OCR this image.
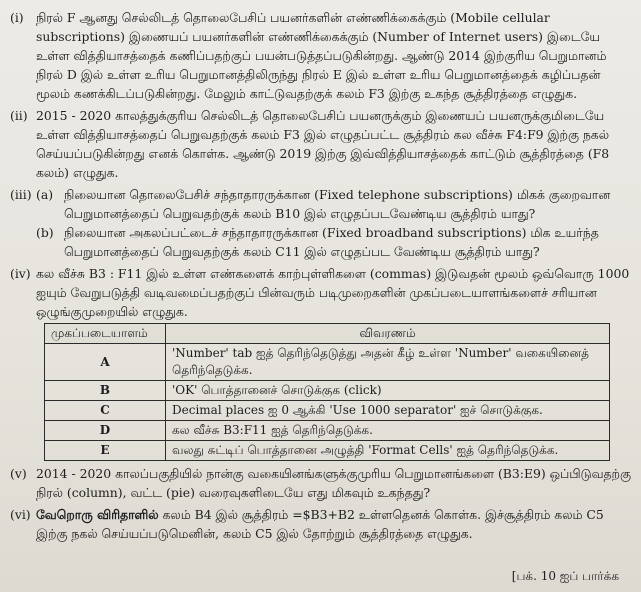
(i) நிரல் F ஆனது செல்லிடத் தொலைபேசிப் பயனர்களின் எண்ணிக்கைக்கும் (Mobile cellular subscriptions) இணையப் பயனர்களின் எண்ணிக்கைக்கும் (Number of Internet users) இடையே உள்ள வித்தியாசத்தைக் கணிப்பதற்குப் பயன்படுத்தப்படுகின்றது. ஆண்டு 2014 இற்குரிய பெறுமானம் நிரல் D இல் உள்ள உரிய பெறுமானத்திலிருந்து நிரல் E இல் உள்ள உரிய பெறுமானத்தைக் கழிப்பதன் மூலம் கணக்கிடப்படுகின்றது. மேலும் காட்டுவதற்குக் கலம் F3 இற்கு உகந்த சூத்திரத்தை எழுதுக.
(ii) 2015 - 2020 காலத்துக்குரிய செல்லிடத் தொலைபேசிப் பயனருக்கும் இணையப் பயனருக்குமிடையே உள்ள வித்தியாசத்தைப் பெறுவதற்குக் கலம் F3 இல் எழுதப்பட்ட சூத்திரம் கல வீச்சு F4:F9 இற்கு நகல் செய்யப்படுகின்றது எனக் கொள்க. ஆண்டு 2019 இற்கு இவ்வித்தியாசத்தைக் காட்டும் சூத்திரத்தை (F8 கலம்) எழுதுக.
(iii) (a) நிலையான தொலைபேசிச் சந்தாதாரருக்கான (Fixed telephone subscriptions) மிகக் குறைவான பெறுமானத்தைப் பெறுவதற்குக் கலம் B10 இல் எழுதப்படவேண்டிய சூத்திரம் யாது?
(b) நிலையான அகலப்பட்டைச் சந்தாதாரருக்கான (Fixed broadband subscriptions) மிக உயர்ந்த பெறுமானத்தைப் பெறுவதற்குக் கலம் C11 இல் எழுதப்பட வேண்டிய சூத்திரம் யாது?
(iv) கல வீச்சு B3 : F11 இல் உள்ள எண்களைக் காற்புள்ளிகளை (commas) இடுவதன் மூலம் ஒவ்வொரு 1000 ஐயும் வேறுபடுத்தி வடிவமைப்பதற்குப் பின்வரும் படிமுறைகளின் முகப்படையாளங்களைச் சரியான ஒழுங்குமுறையில் எழுதுக.
முகப்படையாளம்	விவரணம்
A	'Number' tab ஐத் தெரிந்தெடுத்து அதன் கீழ் உள்ள 'Number' வகையினைத் தெரிந்தெடுக்க.
B	'OK' பொத்தானைச் சொடுக்குக (click)
C	Decimal places ஐ 0 ஆக்கி 'Use 1000 separator' ஐச் சொடுக்குக.
D	கல வீச்சு B3:F11 ஐத் தெரிந்தெடுக்க.
E	வலது சுட்டிப் பொத்தானை அழுத்தி 'Format Cells' ஐத் தெரிந்தெடுக்க.
(v) 2014 - 2020 காலப்பகுதியில் நான்கு வகையினங்களுக்குமுரிய பெறுமானங்களை (B3:E9) ஒப்பிடுவதற்கு நிரல் (column), வட்ட (pie) வரைவுகளிடையே எது மிகவும் உகந்தது?
(vi) வேறொரு விரிதாளில் கலம் B4 இல் சூத்திரம் =$B3+B2 உள்ளதெனக் கொள்க. இச்சூத்திரம் கலம் C5 இற்கு நகல் செய்யப்படுமெனின், கலம் C5 இல் தோற்றும் சூத்திரத்தை எழுதுக.
[பக். 10 ஐப் பார்க்க
